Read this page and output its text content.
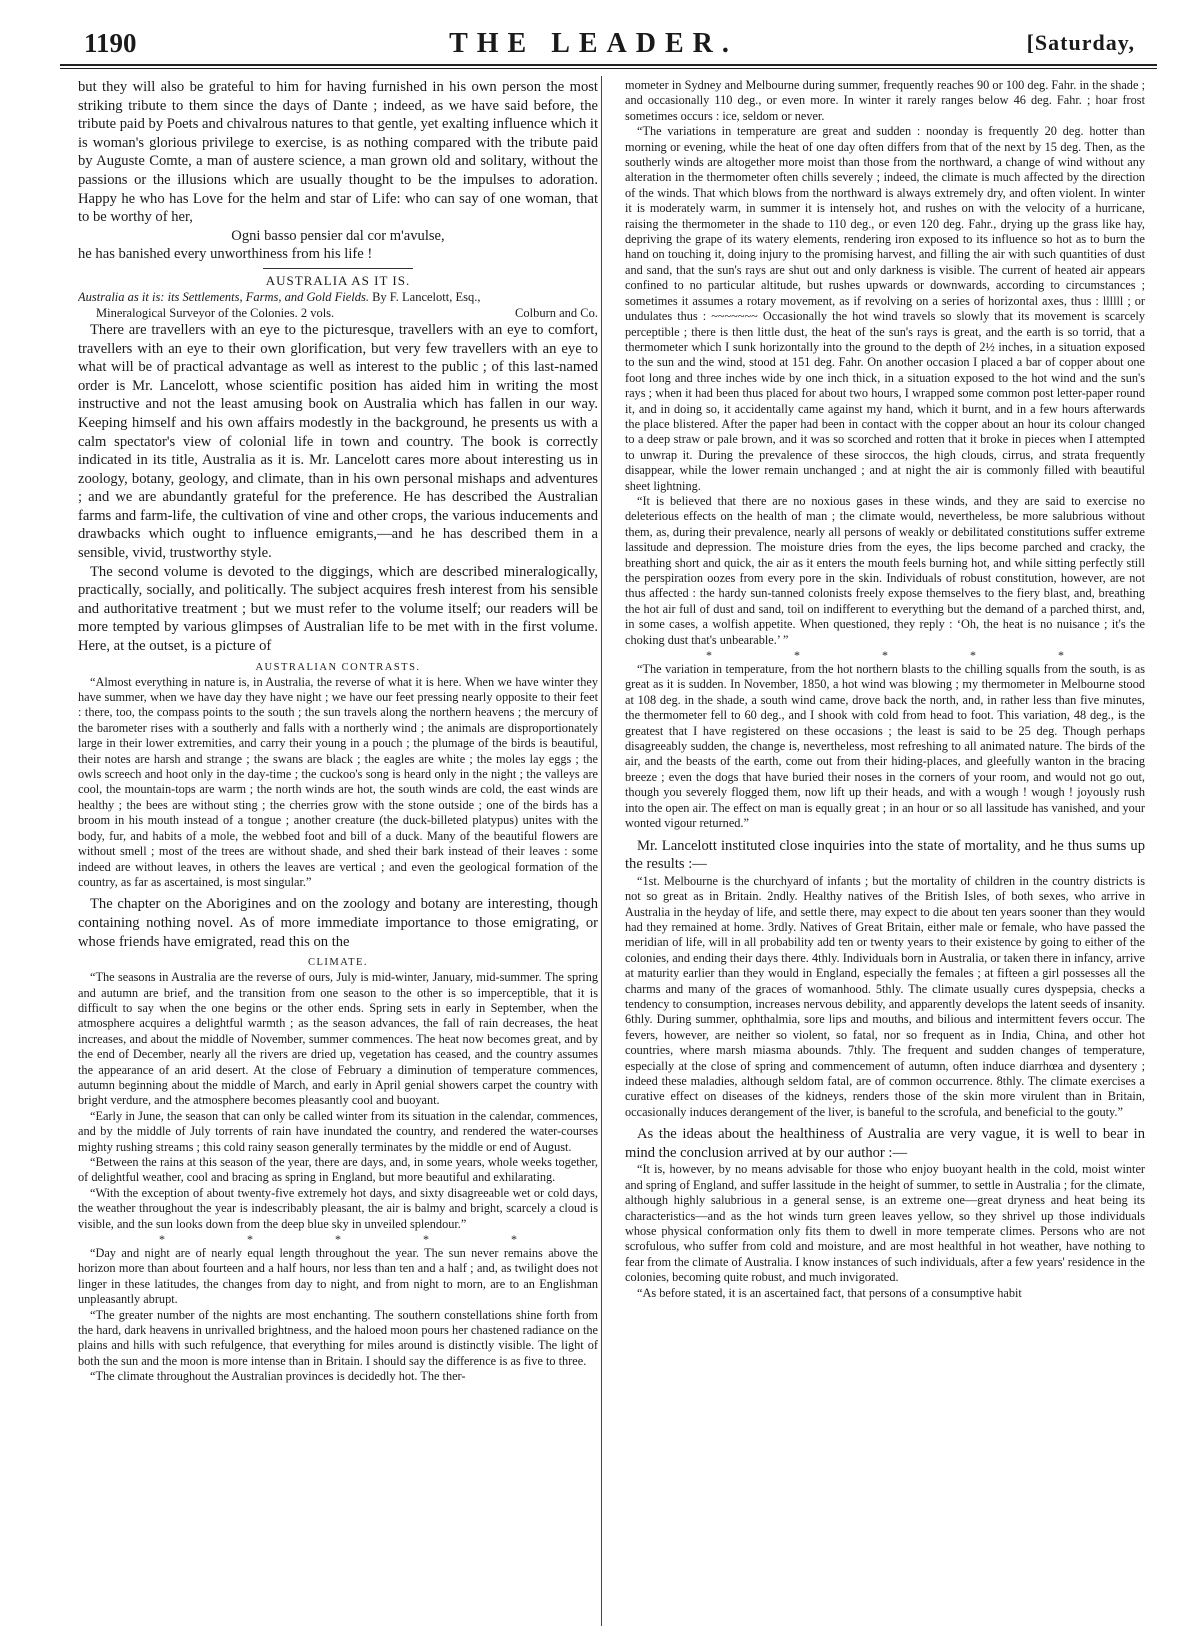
1190	THE LEADER.	[Saturday,

but they will also be grateful to him for having furnished in his own person the most striking tribute to them since the days of Dante ; indeed, as we have said before, the tribute paid by Poets and chivalrous natures to that gentle, yet exalting influence which it is woman's glorious privilege to exercise, is as nothing compared with the tribute paid by Auguste Comte, a man of austere science, a man grown old and solitary, without the passions or the illusions which are usually thought to be the impulses to adoration. Happy he who has Love for the helm and star of Life: who can say of one woman, that to be worthy of her,

Ogni basso pensier dal cor m'avulse,

he has banished every unworthiness from his life !

AUSTRALIA AS IT IS.

Australia as it is: its Settlements, Farms, and Gold Fields. By F. Lancelott, Esq.,

Mineralogical Surveyor of the Colonies. 2 vols.	Colburn and Co.

There are travellers with an eye to the picturesque, travellers with an eye to comfort, travellers with an eye to their own glorification, but very few travellers with an eye to what will be of practical advantage as well as interest to the public ; of this last-named order is Mr. Lancelott, whose scientific position has aided him in writing the most instructive and not the least amusing book on Australia which has fallen in our way. Keeping himself and his own affairs modestly in the background, he presents us with a calm spectator's view of colonial life in town and country. The book is correctly indicated in its title, Australia as it is. Mr. Lancelott cares more about interesting us in zoology, botany, geology, and climate, than in his own personal mishaps and adventures ; and we are abundantly grateful for the preference. He has described the Australian farms and farm-life, the cultivation of vine and other crops, the various inducements and drawbacks which ought to influence emigrants,—and he has described them in a sensible, vivid, trustworthy style.

The second volume is devoted to the diggings, which are described mineralogically, practically, socially, and politically. The subject acquires fresh interest from his sensible and authoritative treatment ; but we must refer to the volume itself; our readers will be more tempted by various glimpses of Australian life to be met with in the first volume. Here, at the outset, is a picture of

AUSTRALIAN CONTRASTS.

“Almost everything in nature is, in Australia, the reverse of what it is here. When we have winter they have summer, when we have day they have night ; we have our feet pressing nearly opposite to their feet : there, too, the compass points to the south ; the sun travels along the northern heavens ; the mercury of the barometer rises with a southerly and falls with a northerly wind ; the animals are disproportionately large in their lower extremities, and carry their young in a pouch ; the plumage of the birds is beautiful, their notes are harsh and strange ; the swans are black ; the eagles are white ; the moles lay eggs ; the owls screech and hoot only in the day-time ; the cuckoo's song is heard only in the night ; the valleys are cool, the mountain-tops are warm ; the north winds are hot, the south winds are cold, the east winds are healthy ; the bees are without sting ; the cherries grow with the stone outside ; one of the birds has a broom in his mouth instead of a tongue ; another creature (the duck-billeted platypus) unites with the body, fur, and habits of a mole, the webbed foot and bill of a duck. Many of the beautiful flowers are without smell ; most of the trees are without shade, and shed their bark instead of their leaves : some indeed are without leaves, in others the leaves are vertical ; and even the geological formation of the country, as far as ascertained, is most singular.”

The chapter on the Aborigines and on the zoology and botany are interesting, though containing nothing novel. As of more immediate importance to those emigrating, or whose friends have emigrated, read this on the

CLIMATE.

“The seasons in Australia are the reverse of ours, July is mid-winter, January, mid-summer. The spring and autumn are brief, and the transition from one season to the other is so imperceptible, that it is difficult to say when the one begins or the other ends. Spring sets in early in September, when the atmosphere acquires a delightful warmth ; as the season advances, the fall of rain decreases, the heat increases, and about the middle of November, summer commences. The heat now becomes great, and by the end of December, nearly all the rivers are dried up, vegetation has ceased, and the country assumes the appearance of an arid desert. At the close of February a diminution of temperature commences, autumn beginning about the middle of March, and early in April genial showers carpet the country with bright verdure, and the atmosphere becomes pleasantly cool and buoyant.

“Early in June, the season that can only be called winter from its situation in the calendar, commences, and by the middle of July torrents of rain have inundated the country, and rendered the water-courses mighty rushing streams ; this cold rainy season generally terminates by the middle or end of August.

“Between the rains at this season of the year, there are days, and, in some years, whole weeks together, of delightful weather, cool and bracing as spring in England, but more beautiful and exhilarating.

“With the exception of about twenty-five extremely hot days, and sixty disagreeable wet or cold days, the weather throughout the year is indescribably pleasant, the air is balmy and bright, scarcely a cloud is visible, and the sun looks down from the deep blue sky in unveiled splendour.”

*	*	*	*	*

“Day and night are of nearly equal length throughout the year. The sun never remains above the horizon more than about fourteen and a half hours, nor less than ten and a half ; and, as twilight does not linger in these latitudes, the changes from day to night, and from night to morn, are to an Englishman unpleasantly abrupt.

“The greater number of the nights are most enchanting. The southern constellations shine forth from the hard, dark heavens in unrivalled brightness, and the haloed moon pours her chastened radiance on the plains and hills with such refulgence, that everything for miles around is distinctly visible. The light of both the sun and the moon is more intense than in Britain. I should say the difference is as five to three.

“The climate throughout the Australian provinces is decidedly hot. The ther-

mometer in Sydney and Melbourne during summer, frequently reaches 90 or 100 deg. Fahr. in the shade ; and occasionally 110 deg., or even more. In winter it rarely ranges below 46 deg. Fahr. ; hoar frost sometimes occurs : ice, seldom or never.

“The variations in temperature are great and sudden : noonday is frequently 20 deg. hotter than morning or evening, while the heat of one day often differs from that of the next by 15 deg. Then, as the southerly winds are altogether more moist than those from the northward, a change of wind without any alteration in the thermometer often chills severely ; indeed, the climate is much affected by the direction of the winds. That which blows from the northward is always extremely dry, and often violent. In winter it is moderately warm, in summer it is intensely hot, and rushes on with the velocity of a hurricane, raising the thermometer in the shade to 110 deg., or even 120 deg. Fahr., drying up the grass like hay, depriving the grape of its watery elements, rendering iron exposed to its influence so hot as to burn the hand on touching it, doing injury to the promising harvest, and filling the air with such quantities of dust and sand, that the sun's rays are shut out and only darkness is visible. The current of heated air appears confined to no particular altitude, but rushes upwards or downwards, according to circumstances ; sometimes it assumes a rotary movement, as if revolving on a series of horizontal axes, thus : llllll ; or undulates thus : ~~~~~~~ Occasionally the hot wind travels so slowly that its movement is scarcely perceptible ; there is then little dust, the heat of the sun's rays is great, and the earth is so torrid, that a thermometer which I sunk horizontally into the ground to the depth of 2½ inches, in a situation exposed to the sun and the wind, stood at 151 deg. Fahr. On another occasion I placed a bar of copper about one foot long and three inches wide by one inch thick, in a situation exposed to the hot wind and the sun's rays ; when it had been thus placed for about two hours, I wrapped some common post letter-paper round it, and in doing so, it accidentally came against my hand, which it burnt, and in a few hours afterwards the place blistered. After the paper had been in contact with the copper about an hour its colour changed to a deep straw or pale brown, and it was so scorched and rotten that it broke in pieces when I attempted to unwrap it. During the prevalence of these siroccos, the high clouds, cirrus, and strata frequently disappear, while the lower remain unchanged ; and at night the air is commonly filled with beautiful sheet lightning.

“It is believed that there are no noxious gases in these winds, and they are said to exercise no deleterious effects on the health of man ; the climate would, nevertheless, be more salubrious without them, as, during their prevalence, nearly all persons of weakly or debilitated constitutions suffer extreme lassitude and depression. The moisture dries from the eyes, the lips become parched and cracky, the breathing short and quick, the air as it enters the mouth feels burning hot, and while sitting perfectly still the perspiration oozes from every pore in the skin. Individuals of robust constitution, however, are not thus affected : the hardy sun-tanned colonists freely expose themselves to the fiery blast, and, breathing the hot air full of dust and sand, toil on indifferent to everything but the demand of a parched thirst, and, in some cases, a wolfish appetite. When questioned, they reply : ‘Oh, the heat is no nuisance ; it's the choking dust that's unbearable.’ ”

*	*	*	*	*

“The variation in temperature, from the hot northern blasts to the chilling squalls from the south, is as great as it is sudden. In November, 1850, a hot wind was blowing ; my thermometer in Melbourne stood at 108 deg. in the shade, a south wind came, drove back the north, and, in rather less than five minutes, the thermometer fell to 60 deg., and I shook with cold from head to foot. This variation, 48 deg., is the greatest that I have registered on these occasions ; the least is said to be 25 deg. Though perhaps disagreeably sudden, the change is, nevertheless, most refreshing to all animated nature. The birds of the air, and the beasts of the earth, come out from their hiding-places, and gleefully wanton in the bracing breeze ; even the dogs that have buried their noses in the corners of your room, and would not go out, though you severely flogged them, now lift up their heads, and with a wough ! wough ! joyously rush into the open air. The effect on man is equally great ; in an hour or so all lassitude has vanished, and your wonted vigour returned.”

Mr. Lancelott instituted close inquiries into the state of mortality, and he thus sums up the results :—

“1st. Melbourne is the churchyard of infants ; but the mortality of children in the country districts is not so great as in Britain. 2ndly. Healthy natives of the British Isles, of both sexes, who arrive in Australia in the heyday of life, and settle there, may expect to die about ten years sooner than they would had they remained at home. 3rdly. Natives of Great Britain, either male or female, who have passed the meridian of life, will in all probability add ten or twenty years to their existence by going to either of the colonies, and ending their days there. 4thly. Individuals born in Australia, or taken there in infancy, arrive at maturity earlier than they would in England, especially the females ; at fifteen a girl possesses all the charms and many of the graces of womanhood. 5thly. The climate usually cures dyspepsia, checks a tendency to consumption, increases nervous debility, and apparently develops the latent seeds of insanity. 6thly. During summer, ophthalmia, sore lips and mouths, and bilious and intermittent fevers occur. The fevers, however, are neither so violent, so fatal, nor so frequent as in India, China, and other hot countries, where marsh miasma abounds. 7thly. The frequent and sudden changes of temperature, especially at the close of spring and commencement of autumn, often induce diarrhœa and dysentery ; indeed these maladies, although seldom fatal, are of common occurrence. 8thly. The climate exercises a curative effect on diseases of the kidneys, renders those of the skin more virulent than in Britain, occasionally induces derangement of the liver, is baneful to the scrofula, and beneficial to the gouty.”

As the ideas about the healthiness of Australia are very vague, it is well to bear in mind the conclusion arrived at by our author :—

“It is, however, by no means advisable for those who enjoy buoyant health in the cold, moist winter and spring of England, and suffer lassitude in the height of summer, to settle in Australia ; for the climate, although highly salubrious in a general sense, is an extreme one—great dryness and heat being its characteristics—and as the hot winds turn green leaves yellow, so they shrivel up those individuals whose physical conformation only fits them to dwell in more temperate climes. Persons who are not scrofulous, who suffer from cold and moisture, and are most healthful in hot weather, have nothing to fear from the climate of Australia. I know instances of such individuals, after a few years' residence in the colonies, becoming quite robust, and much invigorated.

“As before stated, it is an ascertained fact, that persons of a consumptive habit
